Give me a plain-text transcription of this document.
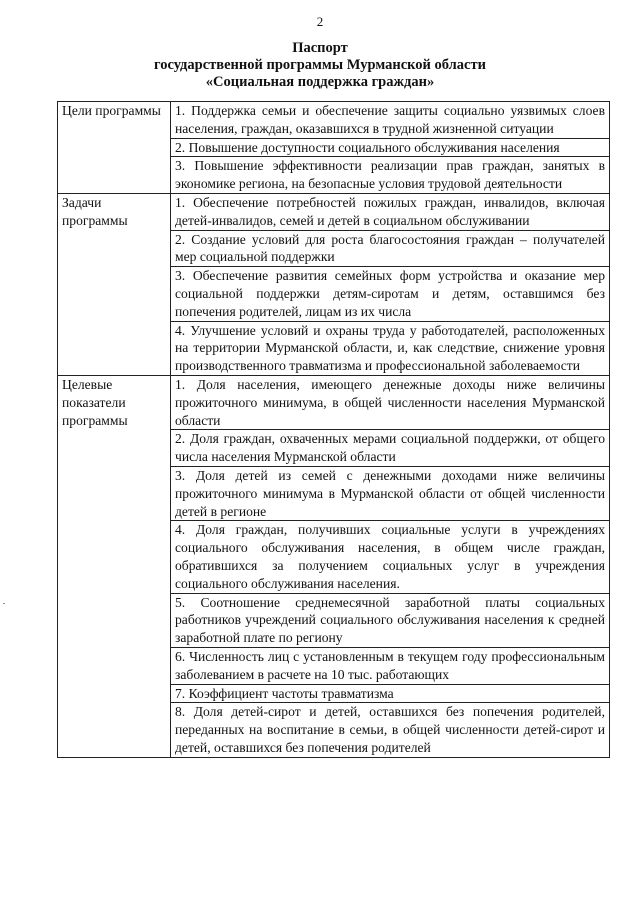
2
Паспорт
государственной программы Мурманской области
«Социальная поддержка граждан»
Цели программы	1. Поддержка семьи и обеспечение защиты социально уязвимых слоев населения, граждан, оказавшихся в трудной жизненной ситуации
	2. Повышение доступности социального обслуживания населения
	3. Повышение эффективности реализации прав граждан, занятых в экономике региона, на безопасные условия трудовой деятельности
Задачи программы	1. Обеспечение потребностей пожилых граждан, инвалидов, включая детей-инвалидов, семей и детей в социальном обслуживании
	2. Создание условий для роста благосостояния граждан – получателей мер социальной поддержки
	3. Обеспечение развития семейных форм устройства и оказание мер социальной поддержки детям-сиротам и детям, оставшимся без попечения родителей, лицам из их числа
	4. Улучшение условий и охраны труда у работодателей, расположенных на территории Мурманской области, и, как следствие, снижение уровня производственного травматизма и профессиональной заболеваемости
Целевые показатели программы	1. Доля населения, имеющего денежные доходы ниже величины прожиточного минимума, в общей численности населения Мурманской области
	2. Доля граждан, охваченных мерами социальной поддержки, от общего числа населения Мурманской области
	3. Доля детей из семей с денежными доходами ниже величины прожиточного минимума в Мурманской области от общей численности детей в регионе
	4. Доля граждан, получивших социальные услуги в учреждениях социального обслуживания населения, в общем числе граждан, обратившихся за получением социальных услуг в учреждения социального обслуживания населения.
	5. Соотношение среднемесячной заработной платы социальных работников учреждений социального обслуживания населения к средней заработной плате по региону
	6. Численность лиц с установленным в текущем году профессиональным заболеванием в расчете на 10 тыс. работающих
	7. Коэффициент частоты травматизма
	8. Доля детей-сирот и детей, оставшихся без попечения родителей, переданных на воспитание в семьи, в общей численности детей-сирот и детей, оставшихся без попечения родителей
